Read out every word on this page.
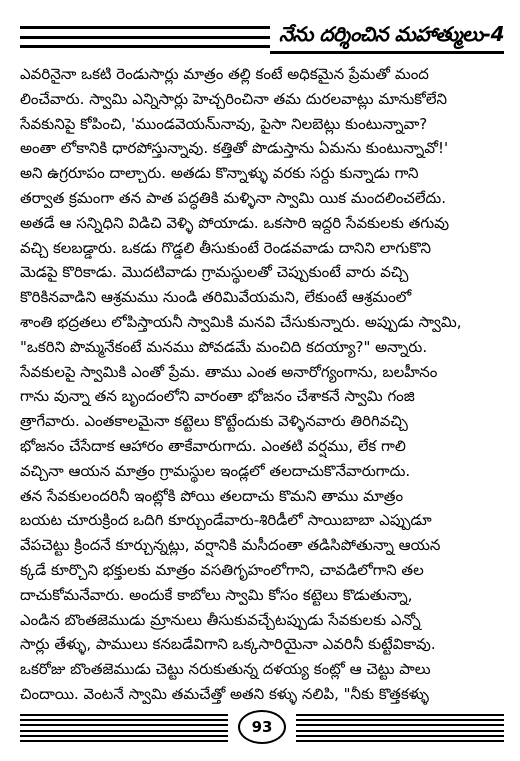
నేను దర్శించిన మహాత్ములు-4
ఎవరినైనా ఒకటి రెండుసార్లు మాత్రం తల్లి కంటే అధికమైన ప్రేమతో మంద
లించేవారు. స్వామి ఎన్నిసార్లు హెచ్చరించినా తమ దురలవాట్లు మానుకోలేని
సేవకునిపై కోపించి, 'ముండవెయను్నావు, పైసా నిలబెట్లు కుంటున్నావా?
అంతా లోకానికి ధారపోస్తున్నావు. కత్తితో పొడుస్తాను ఏమను కుంటున్నావో!'
అని ఉగ్రరూపం దాల్చారు. అతడు కొన్నాళ్ళు వరకు సర్దు కున్నాడు గాని
తర్వాత క్రమంగా తన పాత పద్ధతికి మళ్ళినా స్వామి యిక మందలించలేదు.
అతడే ఆ సన్నిధిని విడిచి వెళ్ళి పోయాడు. ఒకసారి ఇద్దరి సేవకులకు తగువు
వచ్చి కలబడ్డారు. ఒకడు గొడ్డలి తీసుకుంటే రెండవవాడు దానిని లాగుకొని
మెడపై కొరికాడు. మొదటివాడు గ్రామస్థులతో చెప్పుకుంటే వారు వచ్చి
కొరికినవాడిని ఆశ్రమము నుండి తరిమివేయమని, లేకుంటే ఆశ్రమంలో
శాంతి భద్రతలు లోపిస్తాయనీ స్వామికి మనవి చేసుకున్నారు. అప్పుడు స్వామి,
"ఒకరిని పొమ్మనేకంటే మనము పోవడమే మంచిది కదయ్యా?" అన్నారు.
సేవకులపై స్వామికి ఎంతో ప్రేమ. తాము ఎంత అనారోగ్యంగాను, బలహీనం
గాను వున్నా తన బృందంలోని వారంతా భోజనం చేశాకనే స్వామి గంజి
త్రాగేవారు. ఎంతకాలమైనా కట్టెలు కొట్టేందుకు వెళ్ళినవారు తిరిగివచ్చి
భోజనం చేసేదాక ఆహారం తాకేవారుగాదు. ఎంతటి వర్షము, లేక గాలి
వచ్చినా ఆయన మాత్రం గ్రామస్థుల ఇండ్లలో తలదాచుకొనేవారుగాదు.
తన సేవకులందరినీ ఇంట్లోకి పోయి తలదాచు కొమని తాము మాత్రం
బయట చూరుక్రింద ఒదిగి కూర్చుండేవారు-శిరిడీలో సాయిబాబా ఎప్పుడూ
వేపచెట్టు క్రిందనే కూర్చున్నట్లు, వర్షానికి మసీదంతా తడిసిపోతున్నా ఆయన
క్కడే కూర్చొని భక్తులకు మాత్రం వసతిగృహంలోగాని, చావడిలోగాని తల
దాచుకోమనేవారు. అందుకే కాబోలు స్వామి కోసం కట్టెలు కొడుతున్నా,
ఎండిన బొంతజెముడు మ్రానులు తీసుకువచ్చేటప్పుడు సేవకులకు ఎన్నో
సార్లు తేళ్ళు, పాములు కనబడేవిగాని ఒక్కసారియైనా ఎవరినీ కుట్టేవికావు.
ఒకరోజు బొంతజెముడు చెట్టు నరుకుతున్న దళయ్య కంట్లో ఆ చెట్టు పాలు
చిందాయి. వెంటనే స్వామి తమచేత్తో అతని కళ్ళు నలిపి, "నీకు కొత్తకళ్ళు
93
